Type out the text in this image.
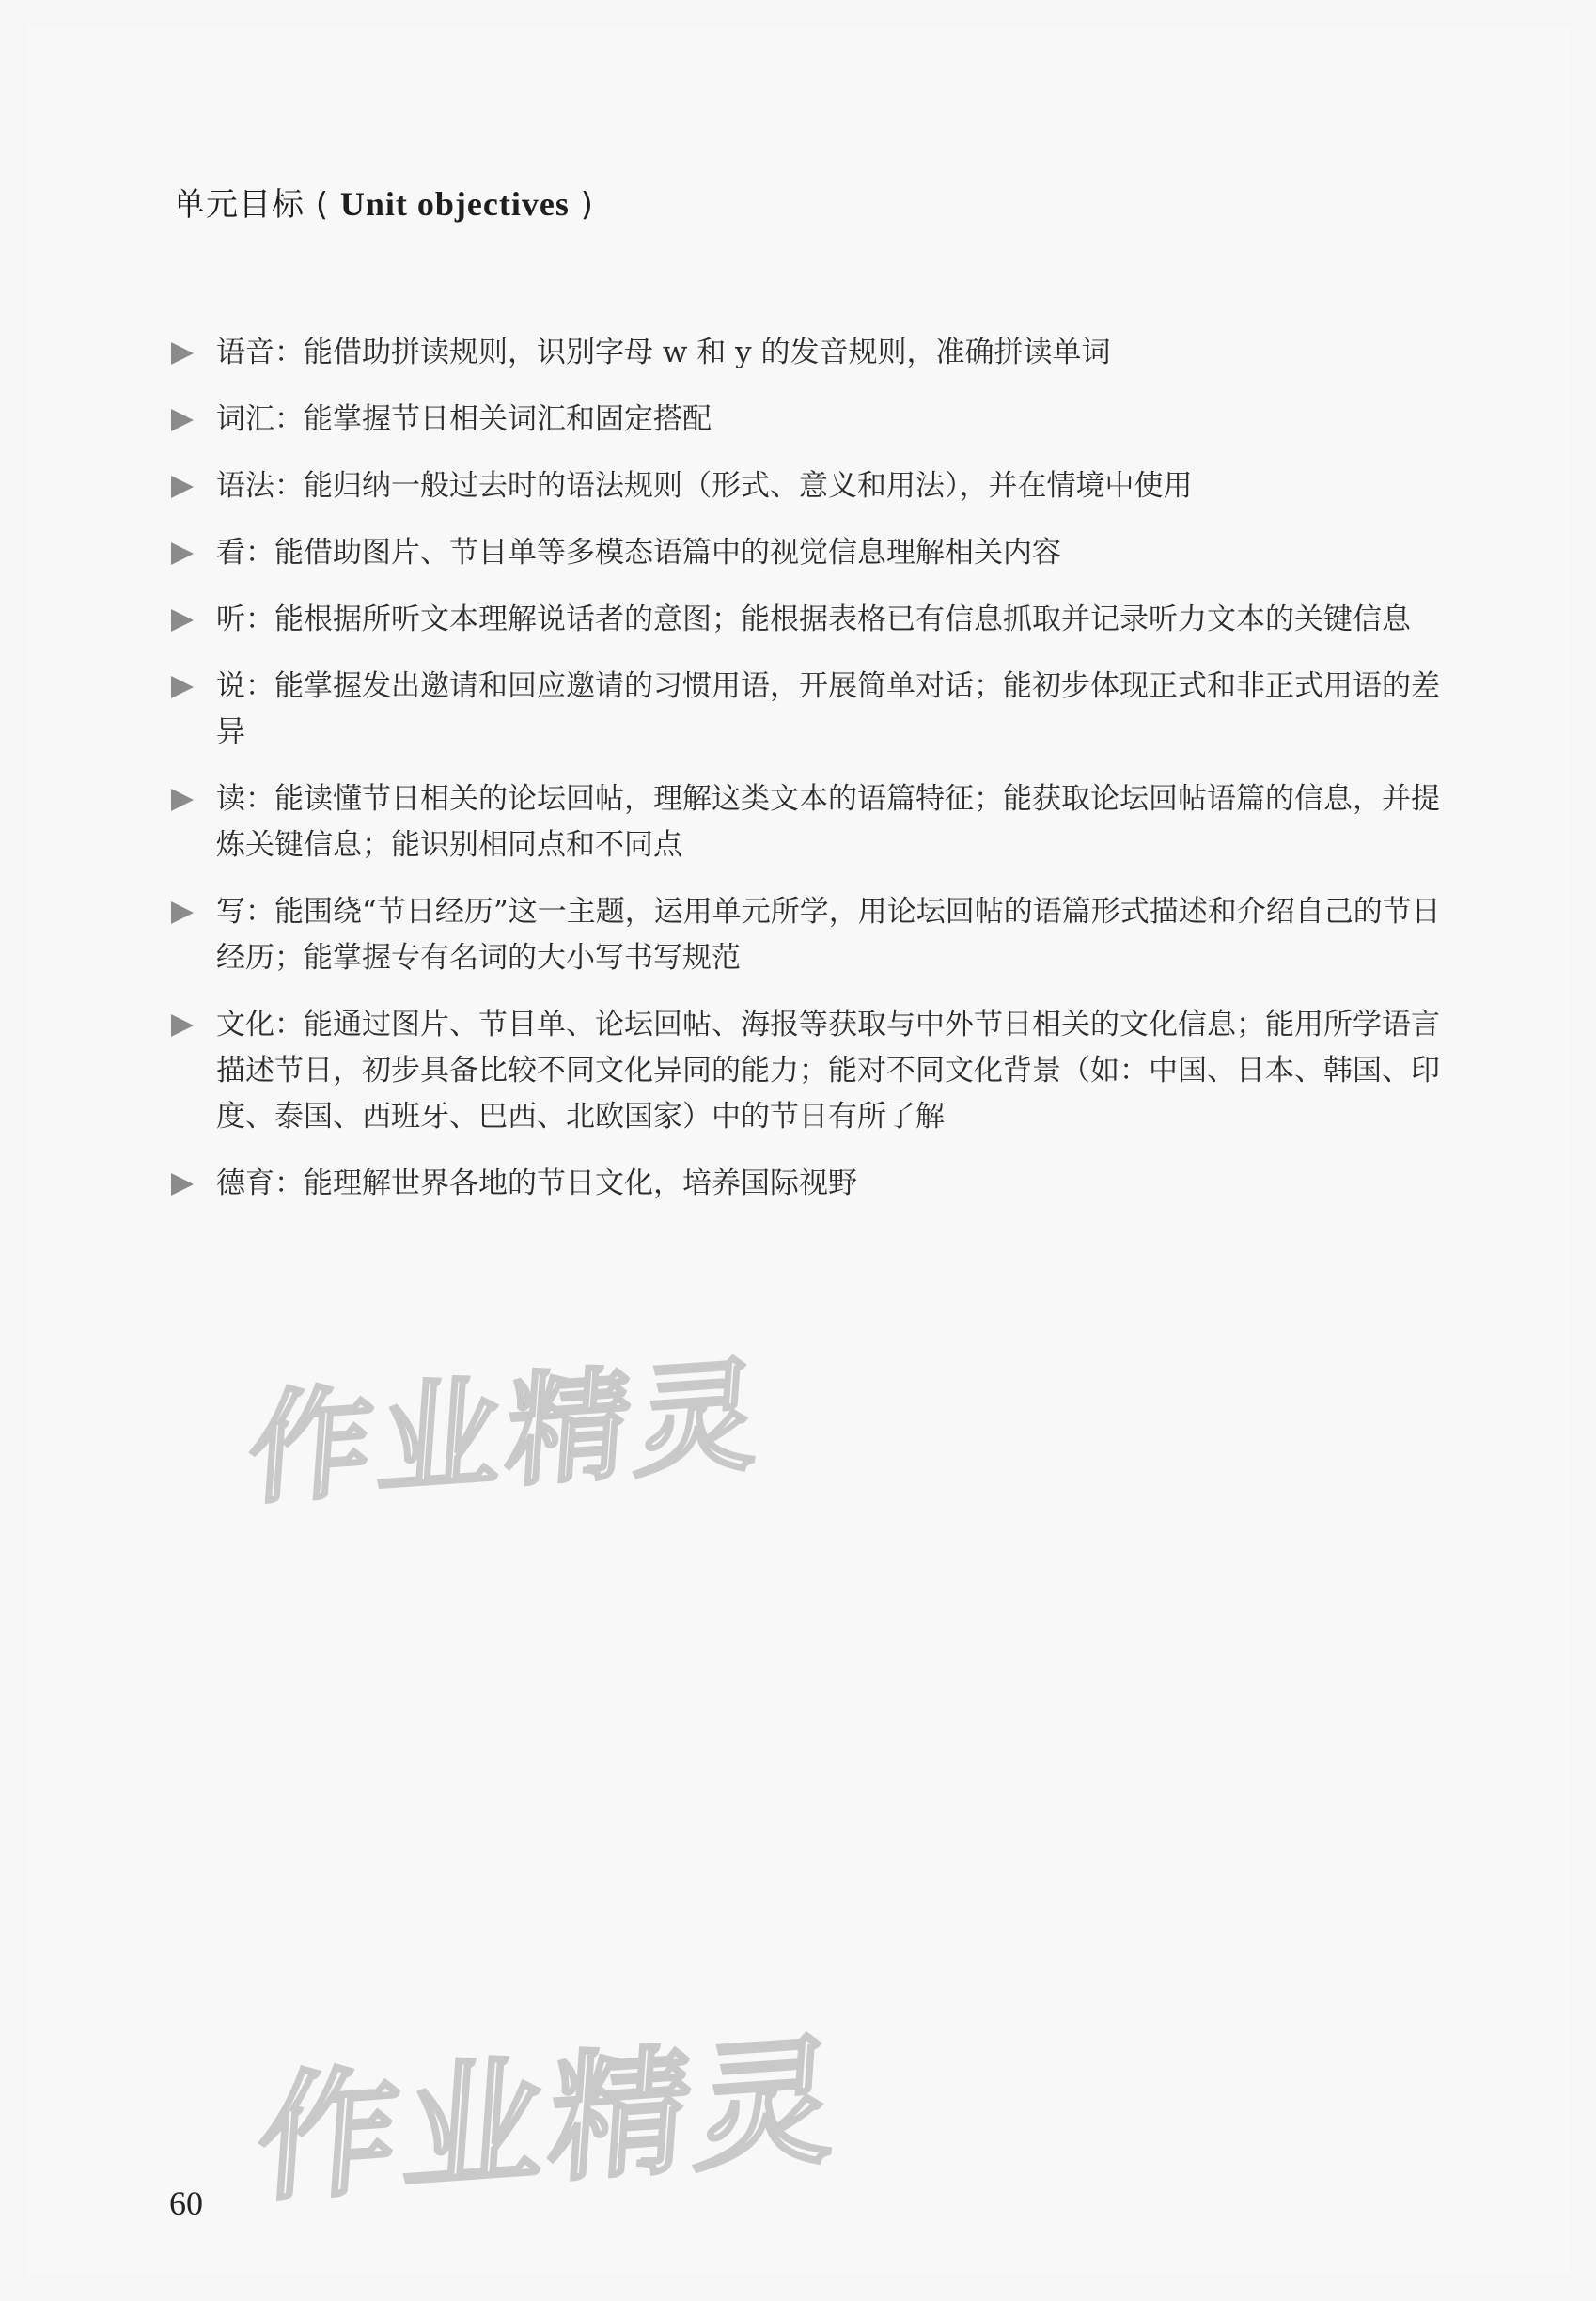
单元目标 ( Unit objectives )
语音：能借助拼读规则，识别字母 w 和 y 的发音规则，准确拼读单词
词汇：能掌握节日相关词汇和固定搭配
语法：能归纳一般过去时的语法规则（形式、意义和用法），并在情境中使用
看：能借助图片、节目单等多模态语篇中的视觉信息理解相关内容
听：能根据所听文本理解说话者的意图；能根据表格已有信息抓取并记录听力文本的关键信息
说：能掌握发出邀请和回应邀请的习惯用语，开展简单对话；能初步体现正式和非正式用语的差异
读：能读懂节日相关的论坛回帖，理解这类文本的语篇特征；能获取论坛回帖语篇的信息，并提炼关键信息；能识别相同点和不同点
写：能围绕“节日经历”这一主题，运用单元所学，用论坛回帖的语篇形式描述和介绍自己的节日经历；能掌握专有名词的大小写书写规范
文化：能通过图片、节目单、论坛回帖、海报等获取与中外节日相关的文化信息；能用所学语言描述节日，初步具备比较不同文化异同的能力；能对不同文化背景（如：中国、日本、韩国、印度、泰国、西班牙、巴西、北欧国家）中的节日有所了解
德育：能理解世界各地的节日文化，培养国际视野
作业精灵
作业精灵
60
